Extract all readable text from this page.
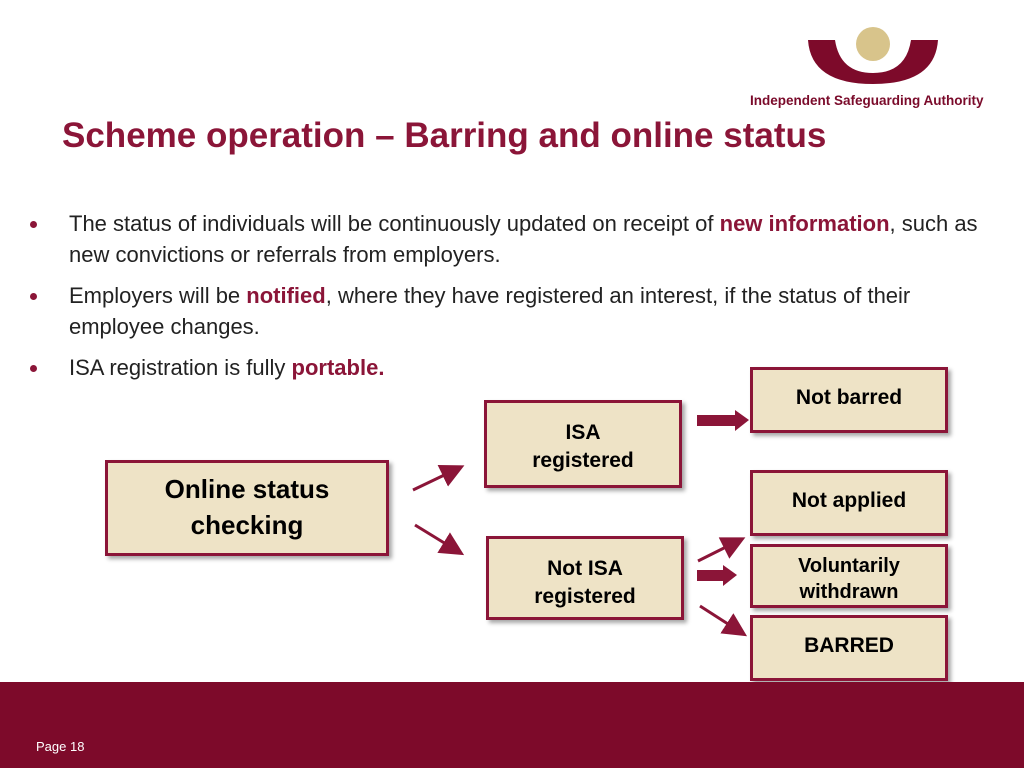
Independent Safeguarding Authority
Scheme operation – Barring and online status
The status of individuals will be continuously updated on receipt of new information, such as new convictions or referrals from employers.
Employers will be notified, where they have registered an interest, if the status of their employee changes.
ISA registration is fully portable.
Online status
checking
ISA
registered
Not ISA
registered
Not barred
Not applied
Voluntarily
withdrawn
BARRED
Page 18
